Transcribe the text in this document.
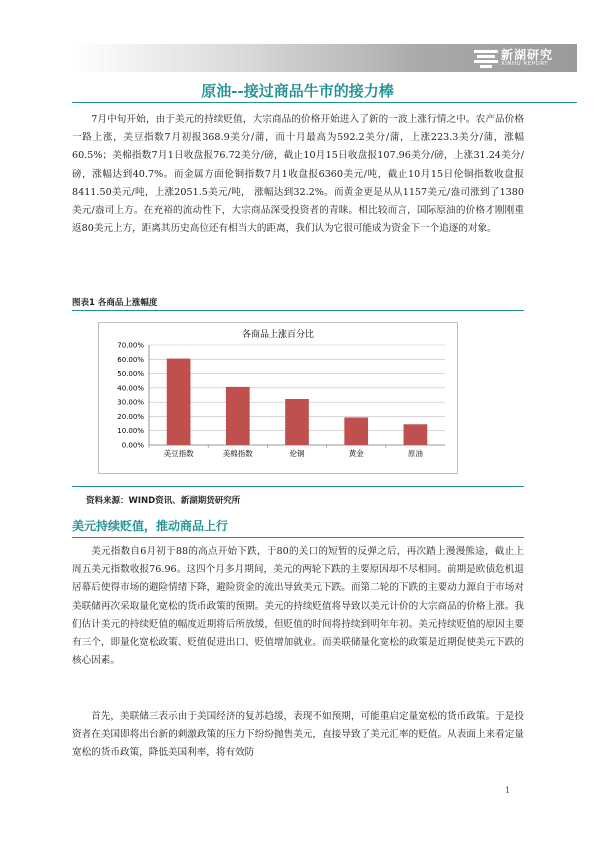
新湖研究
XINHU REPORT
原油--接过商品牛市的接力棒

7月中旬开始，由于美元的持续贬值，大宗商品的价格开始进入了新的一波上涨行情之中。农产品价格一路上涨，美豆指数7月初报368.9美分/蒲，而十月最高为592.2美分/蒲，上涨223.3美分/蒲，涨幅60.5%；美棉指数7月1日收盘报76.72美分/磅，截止10月15日收盘报107.96美分/磅，上涨31.24美分/磅，涨幅达到40.7%。而金属方面伦铜指数7月1收盘报6360美元/吨，截止10月15日伦铜指数收盘报8411.50美元/吨，上涨2051.5美元/吨， 涨幅达到32.2%。而黄金更是从从1157美元/盎司涨到了1380美元/盎司上方。在充裕的流动性下，大宗商品深受投资者的青睐。相比较而言，国际原油的价格才刚刚重返80美元上方，距离其历史高位还有相当大的距离，我们认为它很可能成为资金下一个追逐的对象。

图表1 各商品上涨幅度
各商品上涨百分比
0.00%
10.00%
20.00%
30.00%
40.00%
50.00%
60.00%
70.00%
美豆指数	美棉指数	伦铜	黄金	原油
资料来源：WIND资讯、新湖期货研究所
美元持续贬值，推动商品上行

美元指数自6月初于88的高点开始下跌，于80的关口的短暂的反弹之后，再次踏上漫漫熊途，截止上周五美元指数收报76.96。这四个月多月期间，美元的两轮下跌的主要原因却不尽相同。前期是欧债危机退居幕后使得市场的避险情绪下降，避险资金的流出导致美元下跌。而第二轮的下跌的主要动力源自于市场对美联储再次采取量化宽松的货币政策的预期。美元的持续贬值将导致以美元计价的大宗商品的价格上涨。我们估计美元的持续贬值的幅度近期将后所放缓，但贬值的时间将持续到明年年初。美元持续贬值的原因主要有三个，即量化宽松政策、贬值促进出口、贬值增加就业。而美联储量化宽松的政策是近期促使美元下跌的核心因素。

首先，美联储三表示由于美国经济的复苏趋缓，表现不如预期，可能重启定量宽松的货币政策。于是投资者在美国即将出台新的刺激政策的压力下纷纷抛售美元，直接导致了美元汇率的贬值。从表面上来看定量宽松的货币政策，降低美国利率，将有效防

1
